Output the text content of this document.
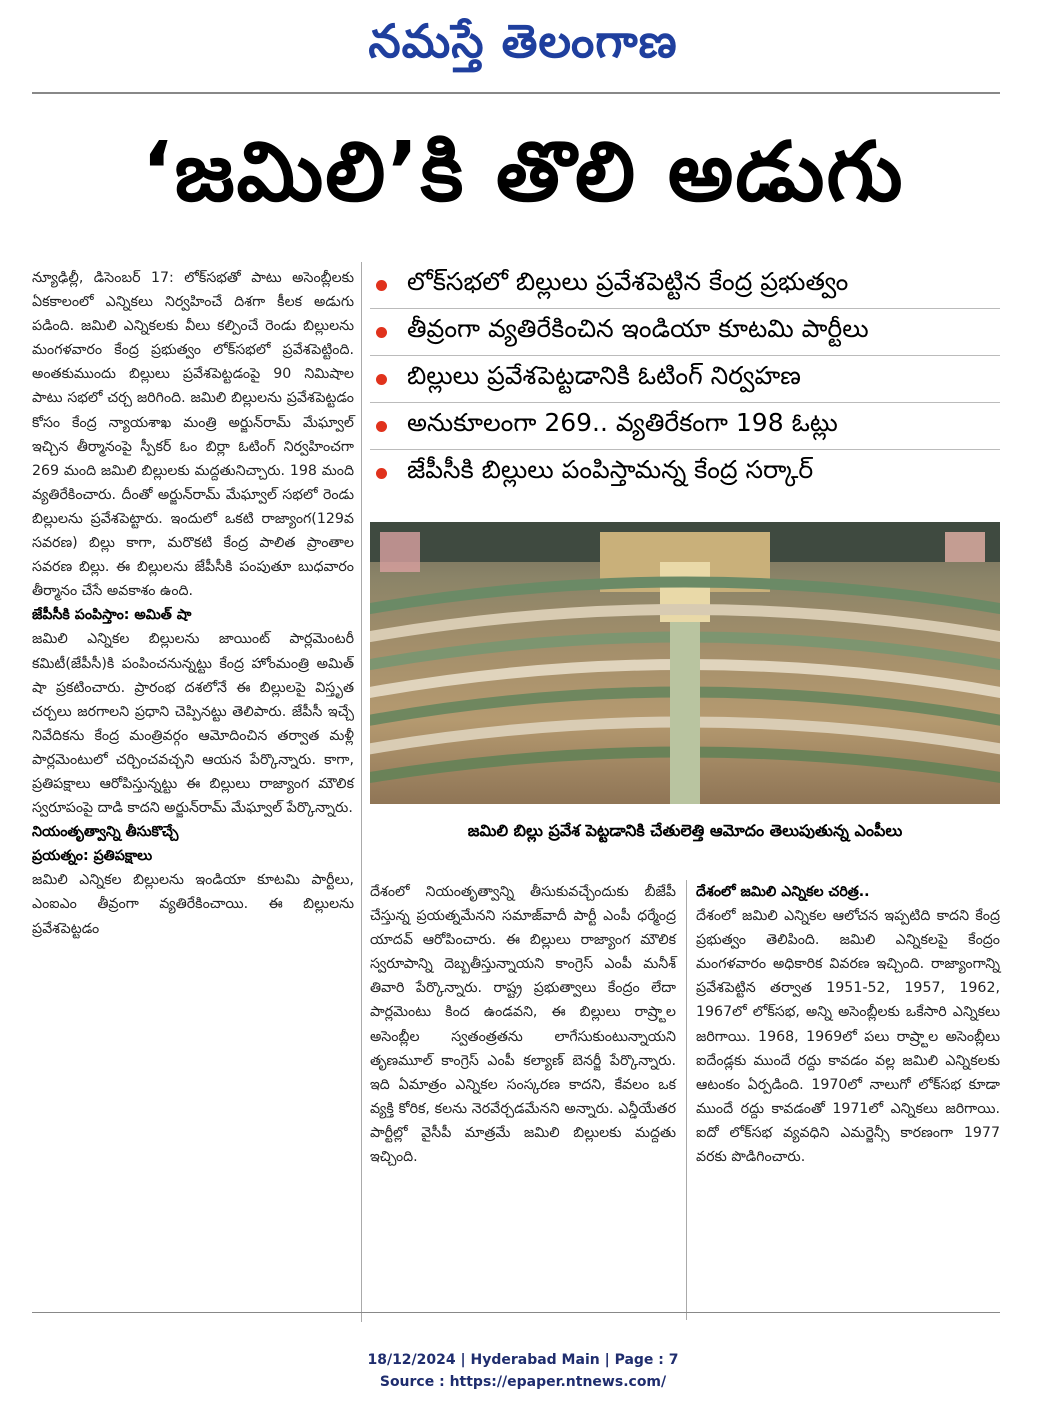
నమస్తే తెలంగాణ
‘జమిలి’కి తొలి అడుగు

న్యూఢిల్లీ, డిసెంబర్ 17: లోక్‌సభతో పాటు అసెంబ్లీలకు ఏకకాలంలో ఎన్నికలు నిర్వహించే దిశగా కీలక అడుగు పడింది. జమిలి ఎన్నికలకు వీలు కల్పించే రెండు బిల్లులను మంగళవారం కేంద్ర ప్రభుత్వం లోక్‌సభలో ప్రవేశపెట్టింది. అంతకుముందు బిల్లులు ప్రవేశపెట్టడంపై 90 నిమిషాల పాటు సభలో చర్చ జరిగింది. జమిలి బిల్లులను ప్రవేశపెట్టడం కోసం కేంద్ర న్యాయశాఖ మంత్రి అర్జున్‌రామ్ మేఘ్వాల్ ఇచ్చిన తీర్మానంపై స్పీకర్ ఓం బిర్లా ఓటింగ్ నిర్వహించగా 269 మంది జమిలి బిల్లులకు మద్దతునిచ్చారు. 198 మంది వ్యతిరేకించారు. దీంతో అర్జున్‌రామ్ మేఘ్వాల్ సభలో రెండు బిల్లులను ప్రవేశపెట్టారు. ఇందులో ఒకటి రాజ్యాంగ(129వ సవరణ) బిల్లు కాగా, మరొకటి కేంద్ర పాలిత ప్రాంతాల సవరణ బిల్లు. ఈ బిల్లులను జేపీసీకి పంపుతూ బుధవారం తీర్మానం చేసే అవకాశం ఉంది.

జేపీసీకి పంపిస్తాం: అమిత్ షా

జమిలి ఎన్నికల బిల్లులను జాయింట్ పార్లమెంటరీ కమిటీ(జేపీసీ)కి పంపించనున్నట్టు కేంద్ర హోంమంత్రి అమిత్ షా ప్రకటించారు. ప్రారంభ దశలోనే ఈ బిల్లులపై విస్తృత చర్చలు జరగాలని ప్రధాని చెప్పినట్టు తెలిపారు. జేపీసీ ఇచ్చే నివేదికను కేంద్ర మంత్రివర్గం ఆమోదించిన తర్వాత మళ్లీ పార్లమెంటులో చర్చించవచ్చని ఆయన పేర్కొన్నారు. కాగా, ప్రతిపక్షాలు ఆరోపిస్తున్నట్టు ఈ బిల్లులు రాజ్యాంగ మౌలిక స్వరూపంపై దాడి కాదని అర్జున్‌రామ్ మేఘ్వాల్ పేర్కొన్నారు.

నియంతృత్వాన్ని తీసుకొచ్చే

ప్రయత్నం: ప్రతిపక్షాలు

జమిలి ఎన్నికల బిల్లులను ఇండియా కూటమి పార్టీలు, ఎంఐఎం తీవ్రంగా వ్యతిరేకించాయి. ఈ బిల్లులను ప్రవేశపెట్టడం

లోక్‌సభలో బిల్లులు ప్రవేశపెట్టిన కేంద్ర ప్రభుత్వం
తీవ్రంగా వ్యతిరేకించిన ఇండియా కూటమి పార్టీలు
బిల్లులు ప్రవేశపెట్టడానికి ఓటింగ్ నిర్వహణ
అనుకూలంగా 269.. వ్యతిరేకంగా 198 ఓట్లు
జేపీసీకి బిల్లులు పంపిస్తామన్న కేంద్ర సర్కార్
జమిలి బిల్లు ప్రవేశ పెట్టడానికి చేతులెత్తి ఆమోదం తెలుపుతున్న ఎంపీలు

దేశంలో నియంతృత్వాన్ని తీసుకువచ్చేందుకు బీజేపీ చేస్తున్న ప్రయత్నమేనని సమాజ్‌వాదీ పార్టీ ఎంపీ ధర్మేంద్ర యాదవ్ ఆరోపించారు. ఈ బిల్లులు రాజ్యాంగ మౌలిక స్వరూపాన్ని దెబ్బతీస్తున్నాయని కాంగ్రెస్ ఎంపీ మనీశ్ తివారి పేర్కొన్నారు. రాష్ట్ర ప్రభుత్వాలు కేంద్రం లేదా పార్లమెంటు కింద ఉండవని, ఈ బిల్లులు రాష్ర్టాల అసెంబ్లీల స్వతంత్రతను లాగేసుకుంటున్నాయని తృణమూల్ కాంగ్రెస్ ఎంపీ కల్యాణ్ బెనర్జీ పేర్కొన్నారు. ఇది ఏమాత్రం ఎన్నికల సంస్కరణ కాదని, కేవలం ఒక వ్యక్తి కోరిక, కలను నెరవేర్చడమేనని అన్నారు. ఎన్డీయేతర పార్టీల్లో వైసీపీ మాత్రమే జమిలి బిల్లులకు మద్దతు ఇచ్చింది.

దేశంలో జమిలి ఎన్నికల చరిత్ర..

దేశంలో జమిలి ఎన్నికల ఆలోచన ఇప్పటిది కాదని కేంద్ర ప్రభుత్వం తెలిపింది. జమిలి ఎన్నికలపై కేంద్రం మంగళవారం అధికారిక వివరణ ఇచ్చింది. రాజ్యాంగాన్ని ప్రవేశపెట్టిన తర్వాత 1951-52, 1957, 1962, 1967లో లోక్‌సభ, అన్ని అసెంబ్లీలకు ఒకేసారి ఎన్నికలు జరిగాయి. 1968, 1969లో పలు రాష్ర్టాల అసెంబ్లీలు ఐదేండ్లకు ముందే రద్దు కావడం వల్ల జమిలి ఎన్నికలకు ఆటంకం ఏర్పడింది. 1970లో నాలుగో లోక్‌సభ కూడా ముందే రద్దు కావడంతో 1971లో ఎన్నికలు జరిగాయి. ఐదో లోక్‌సభ వ్యవధిని ఎమర్జెన్సీ కారణంగా 1977 వరకు పొడిగించారు.

18/12/2024 | Hyderabad Main | Page : 7
Source : https://epaper.ntnews.com/
